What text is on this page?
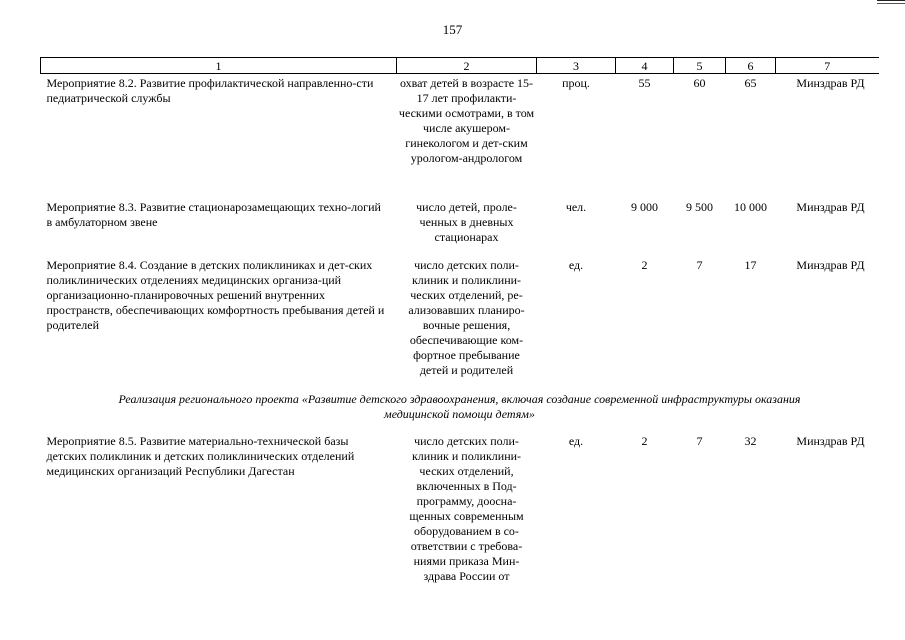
157
1	2	3	4	5	6	7
Мероприятие 8.2. Развитие профилактической направленно-сти педиатрической службы	охват детей в возрасте 15-17 лет профилакти-ческими осмотрами, в том числе акушером-гинекологом и дет-ским урологом-андрологом	проц.	55	60	65	Минздрав РД
Мероприятие 8.3. Развитие стационарозамещающих техно-логий в амбулаторном звене	число детей, проле-ченных в дневных стационарах	чел.	9 000	9 500	10 000	Минздрав РД
Мероприятие 8.4. Создание в детских поликлиниках и дет-ских поликлинических отделениях медицинских организа-ций организационно-планировочных решений внутренних пространств, обеспечивающих комфортность пребывания детей и родителей	число детских поли-клиник и поликлини-ческих отделений, ре-ализовавших планиро-вочные решения, обеспечивающие ком-фортное пребывание детей и родителей	ед.	2	7	17	Минздрав РД
Реализация регионального проекта «Развитие детского здравоохранения, включая создание современной инфраструктуры оказания медицинской помощи детям»						
Мероприятие 8.5. Развитие материально-технической базы детских поликлиник и детских поликлинических отделений медицинских организаций Республики Дагестан	число детских поли-клиник и поликлини-ческих отделений, включенных в Под-программу, дооcна-щенных современным оборудованием в со-ответствии с требова-ниями приказа Мин-здрава России от	ед.	2	7	32	Минздрав РД
